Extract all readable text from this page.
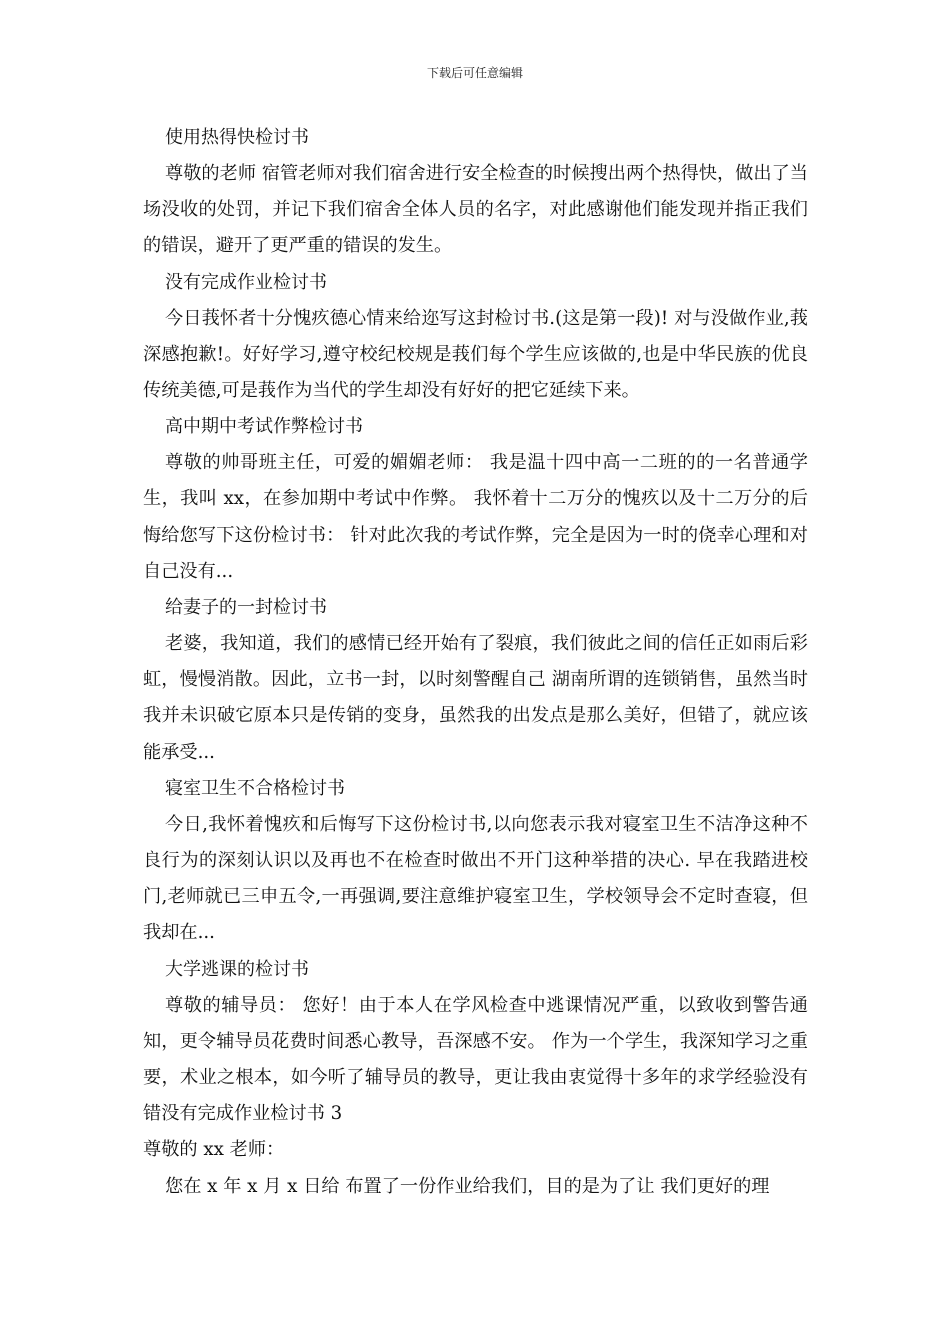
下载后可任意编辑
使用热得快检讨书

尊敬的老师 宿管老师对我们宿舍进行安全检查的时候搜出两个热得快，做出了当场没收的处罚，并记下我们宿舍全体人员的名字，对此感谢他们能发现并指正我们的错误，避开了更严重的错误的发生。

没有完成作业检讨书

今日莪怀者十分愧疚德心情来给迩写这封检讨书.(这是第一段)! 对与没做作业,莪深感抱歉!。好好学习,遵守校纪校规是莪们每个学生应该做的,也是中华民族的优良传统美德,可是莪作为当代的学生却没有好好的把它延续下来。

高中期中考试作弊检讨书

尊敬的帅哥班主任，可爱的媚媚老师： 我是温十四中高一二班的的一名普通学生，我叫 xx，在参加期中考试中作弊。 我怀着十二万分的愧疚以及十二万分的后悔给您写下这份检讨书： 针对此次我的考试作弊，完全是因为一时的侥幸心理和对自己没有...

给妻子的一封检讨书

老婆，我知道，我们的感情已经开始有了裂痕，我们彼此之间的信任正如雨后彩虹，慢慢消散。因此，立书一封，以时刻警醒自己 湖南所谓的连锁销售，虽然当时我并未识破它原本只是传销的变身，虽然我的出发点是那么美好，但错了，就应该能承受...

寝室卫生不合格检讨书

今日,我怀着愧疚和后悔写下这份检讨书,以向您表示我对寝室卫生不洁净这种不良行为的深刻认识以及再也不在检查时做出不开门这种举措的决心. 早在我踏进校门,老师就已三申五令,一再强调,要注意维护寝室卫生，学校领导会不定时查寝，但我却在...

大学逃课的检讨书

尊敬的辅导员： 您好！由于本人在学风检查中逃课情况严重，以致收到警告通知，更令辅导员花费时间悉心教导，吾深感不安。 作为一个学生，我深知学习之重要，术业之根本，如今听了辅导员的教导，更让我由衷觉得十多年的求学经验没有错没有完成作业检讨书 3

尊敬的 xx 老师：

您在 x 年 x 月 x 日给 布置了一份作业给我们，目的是为了让 我们更好的理
